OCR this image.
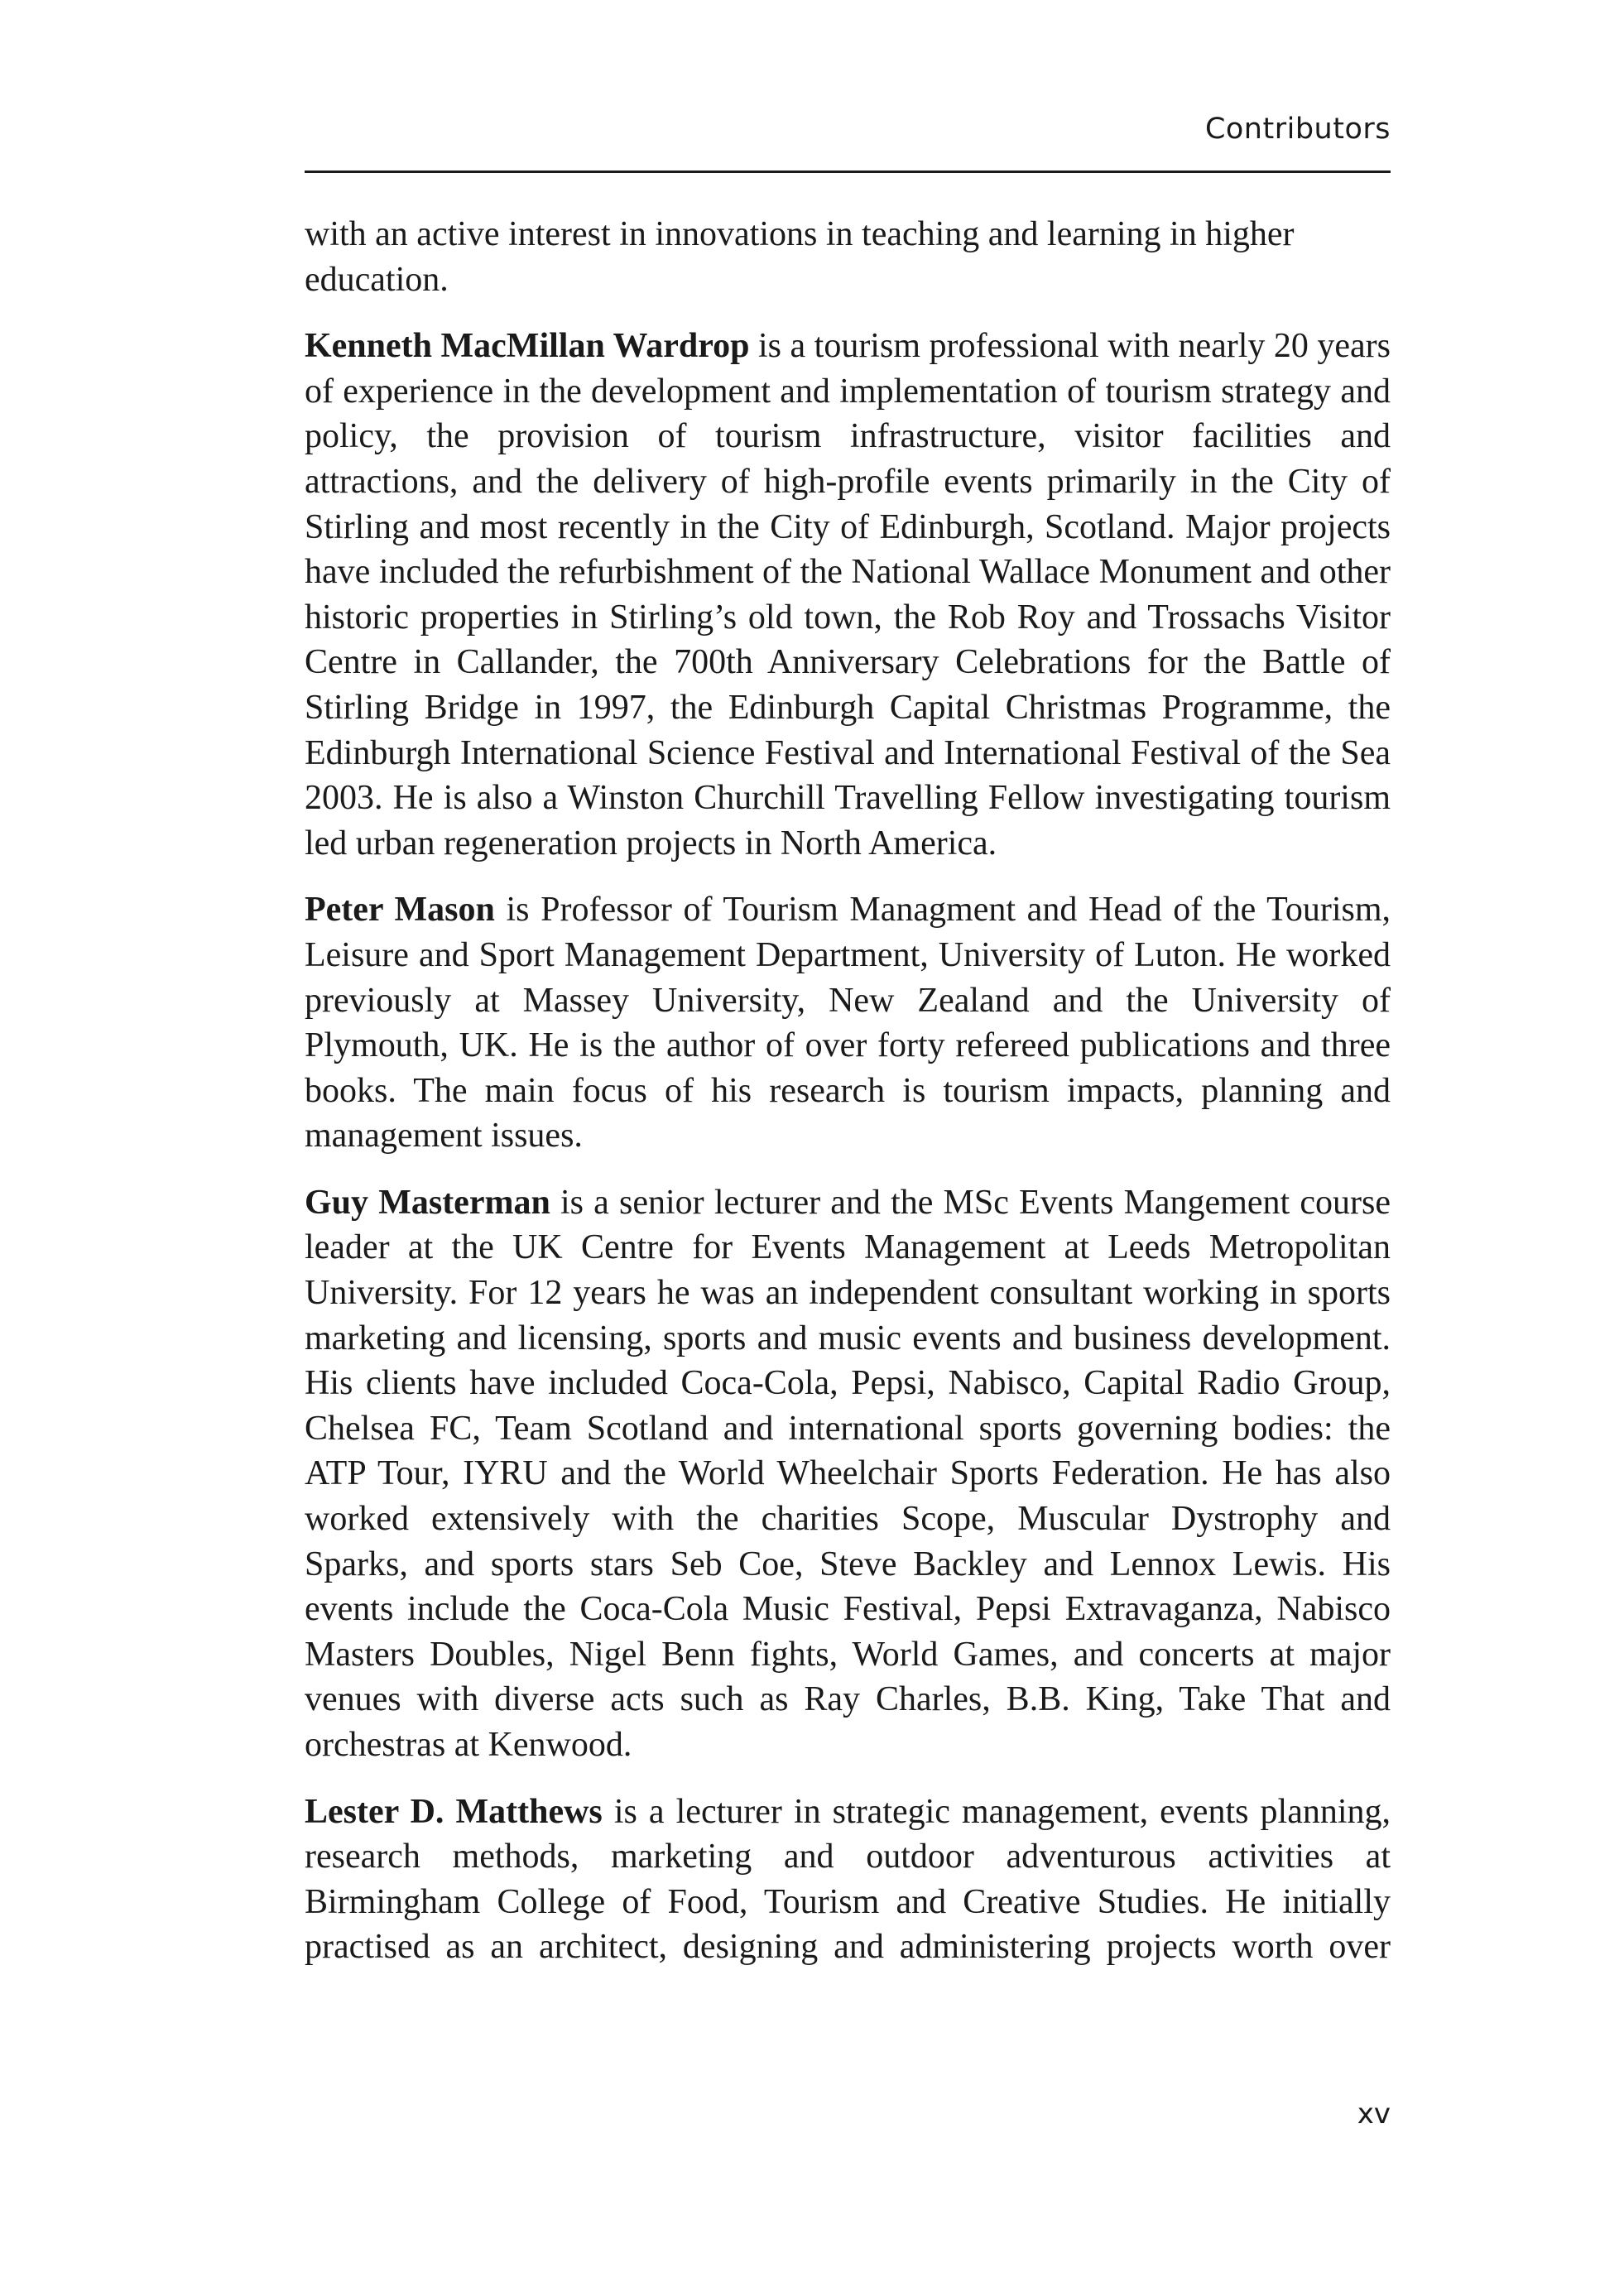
Contributors

with an active interest in innovations in teaching and learning in higher education.

Kenneth MacMillan Wardrop is a tourism professional with nearly 20 years of experience in the development and implementation of tourism strategy and policy, the provision of tourism infrastructure, visitor facilities and attractions, and the delivery of high-profile events primarily in the City of Stirling and most recently in the City of Edinburgh, Scotland. Major projects have included the refurbishment of the National Wallace Monument and other historic properties in Stirling’s old town, the Rob Roy and Trossachs Visitor Centre in Callander, the 700th Anniversary Celebrations for the Battle of Stirling Bridge in 1997, the Edinburgh Capital Christmas Programme, the Edinburgh International Science Festival and International Festival of the Sea 2003. He is also a Winston Churchill Travelling Fellow investigating tourism led urban regeneration projects in North America.

Peter Mason is Professor of Tourism Managment and Head of the Tourism, Leisure and Sport Management Department, University of Luton. He worked previously at Massey University, New Zealand and the University of Plymouth, UK. He is the author of over forty refereed publications and three books. The main focus of his research is tourism impacts, planning and management issues.

Guy Masterman is a senior lecturer and the MSc Events Mangement course leader at the UK Centre for Events Management at Leeds Metropolitan University. For 12 years he was an independent consultant working in sports marketing and licensing, sports and music events and business development. His clients have included Coca-Cola, Pepsi, Nabisco, Capital Radio Group, Chelsea FC, Team Scotland and international sports governing bodies: the ATP Tour, IYRU and the World Wheelchair Sports Federation. He has also worked extensively with the charities Scope, Muscular Dystrophy and Sparks, and sports stars Seb Coe, Steve Backley and Lennox Lewis. His events include the Coca-Cola Music Festival, Pepsi Extravaganza, Nabisco Masters Doubles, Nigel Benn fights, World Games, and concerts at major venues with diverse acts such as Ray Charles, B.B. King, Take That and orchestras at Kenwood.

Lester D. Matthews is a lecturer in strategic management, events planning, research methods, marketing and outdoor adventurous activities at Birmingham College of Food, Tourism and Creative Studies. He initially practised as an architect, designing and administering projects worth over

xv
